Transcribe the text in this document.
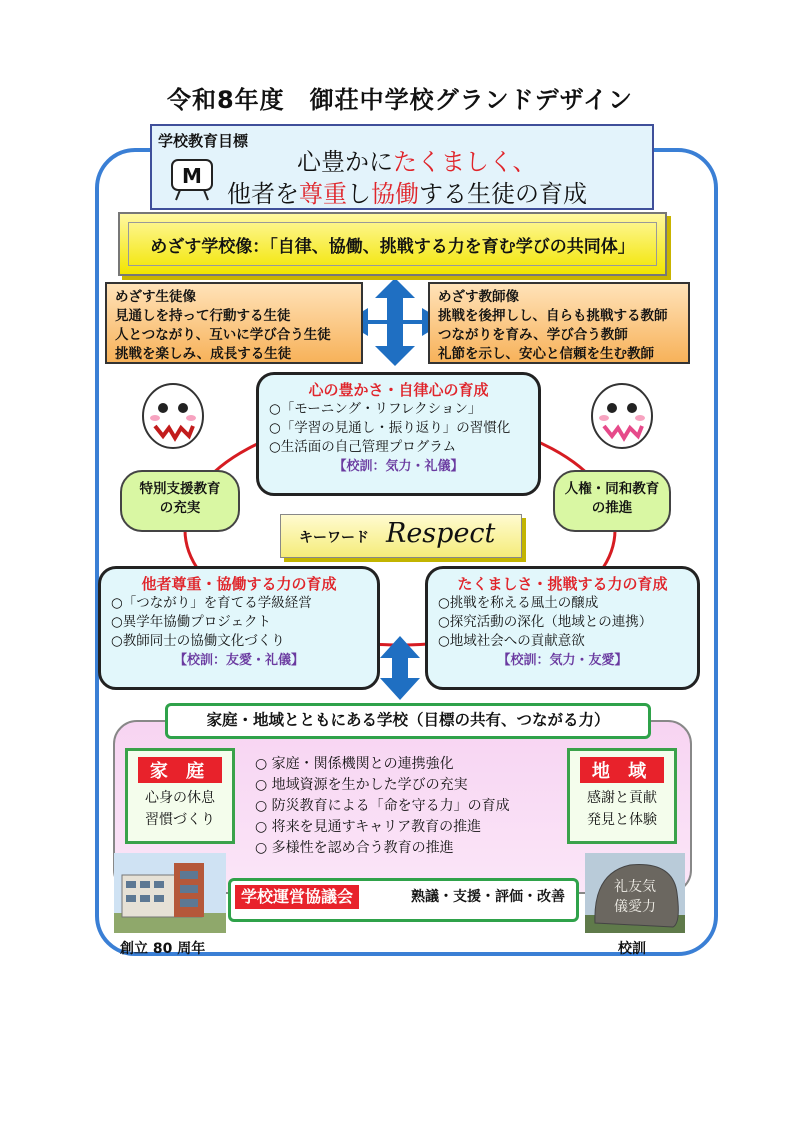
令和8年度　御荘中学校グランドデザイン
学校教育目標
M	心豊かにたくましく、
他者を尊重し協働する生徒の育成
めざす学校像：「自律、協働、挑戦する力を育む学びの共同体」
めざす生徒像
見通しを持って行動する生徒
人とつながり、互いに学び合う生徒
挑戦を楽しみ、成長する生徒
めざす教師像
挑戦を後押しし、自らも挑戦する教師
つながりを育み、学び合う教師
礼節を示し、安心と信頼を生む教師
心の豊かさ・自律心の育成
○「モーニング・リフレクション」
○「学習の見通し・振り返り」の習慣化
○生活面の自己管理プログラム
【校訓：気力・礼儀】
特別支援教育
の充実
人権・同和教育
の推進
キーワード Respect
他者尊重・協働する力の育成
○「つながり」を育てる学級経営
○異学年協働プロジェクト
○教師同士の協働文化づくり
【校訓：友愛・礼儀】
たくましさ・挑戦する力の育成
○挑戦を称える風土の醸成
○探究活動の深化（地域との連携）
○地域社会への貢献意欲
【校訓：気力・友愛】
家庭・地域とともにある学校（目標の共有、つながる力）
家 庭
心身の休息
習慣づくり
○ 家庭・関係機関との連携強化
○ 地域資源を生かした学びの充実
○ 防災教育による「命を守る力」の育成
○ 将来を見通すキャリア教育の推進
○ 多様性を認め合う教育の推進
地 域
感謝と貢献
発見と体験
礼友気
儀愛力
学校運営協議会	熟議・支援・評価・改善
創立 80 周年	校訓
